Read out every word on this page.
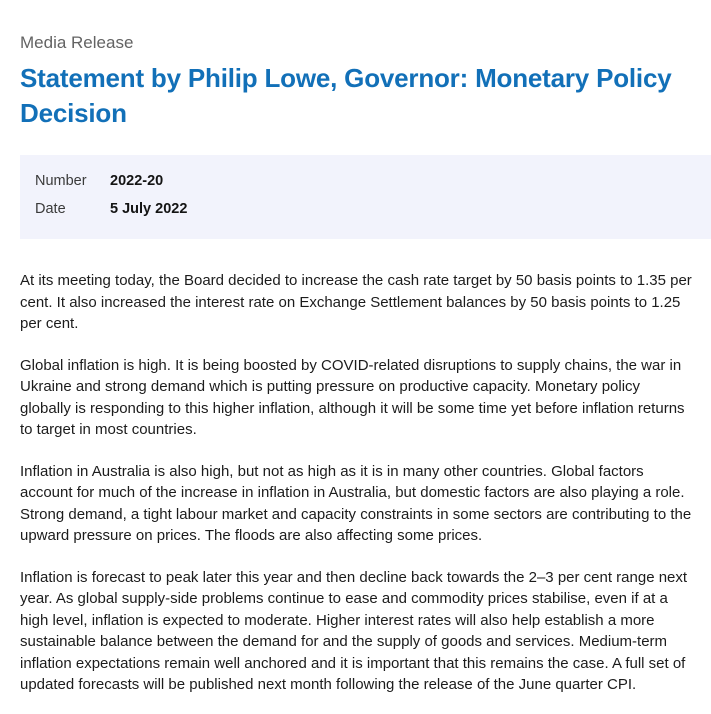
Media Release
Statement by Philip Lowe, Governor: Monetary Policy Decision
Number	2022-20
Date	5 July 2022

At its meeting today, the Board decided to increase the cash rate target by 50 basis points to 1.35 per cent. It also increased the interest rate on Exchange Settlement balances by 50 basis points to 1.25 per cent.

Global inflation is high. It is being boosted by COVID-related disruptions to supply chains, the war in Ukraine and strong demand which is putting pressure on productive capacity. Monetary policy globally is responding to this higher inflation, although it will be some time yet before inflation returns to target in most countries.

Inflation in Australia is also high, but not as high as it is in many other countries. Global factors account for much of the increase in inflation in Australia, but domestic factors are also playing a role. Strong demand, a tight labour market and capacity constraints in some sectors are contributing to the upward pressure on prices. The floods are also affecting some prices.

Inflation is forecast to peak later this year and then decline back towards the 2–3 per cent range next year. As global supply-side problems continue to ease and commodity prices stabilise, even if at a high level, inflation is expected to moderate. Higher interest rates will also help establish a more sustainable balance between the demand for and the supply of goods and services. Medium-term inflation expectations remain well anchored and it is important that this remains the case. A full set of updated forecasts will be published next month following the release of the June quarter CPI.
